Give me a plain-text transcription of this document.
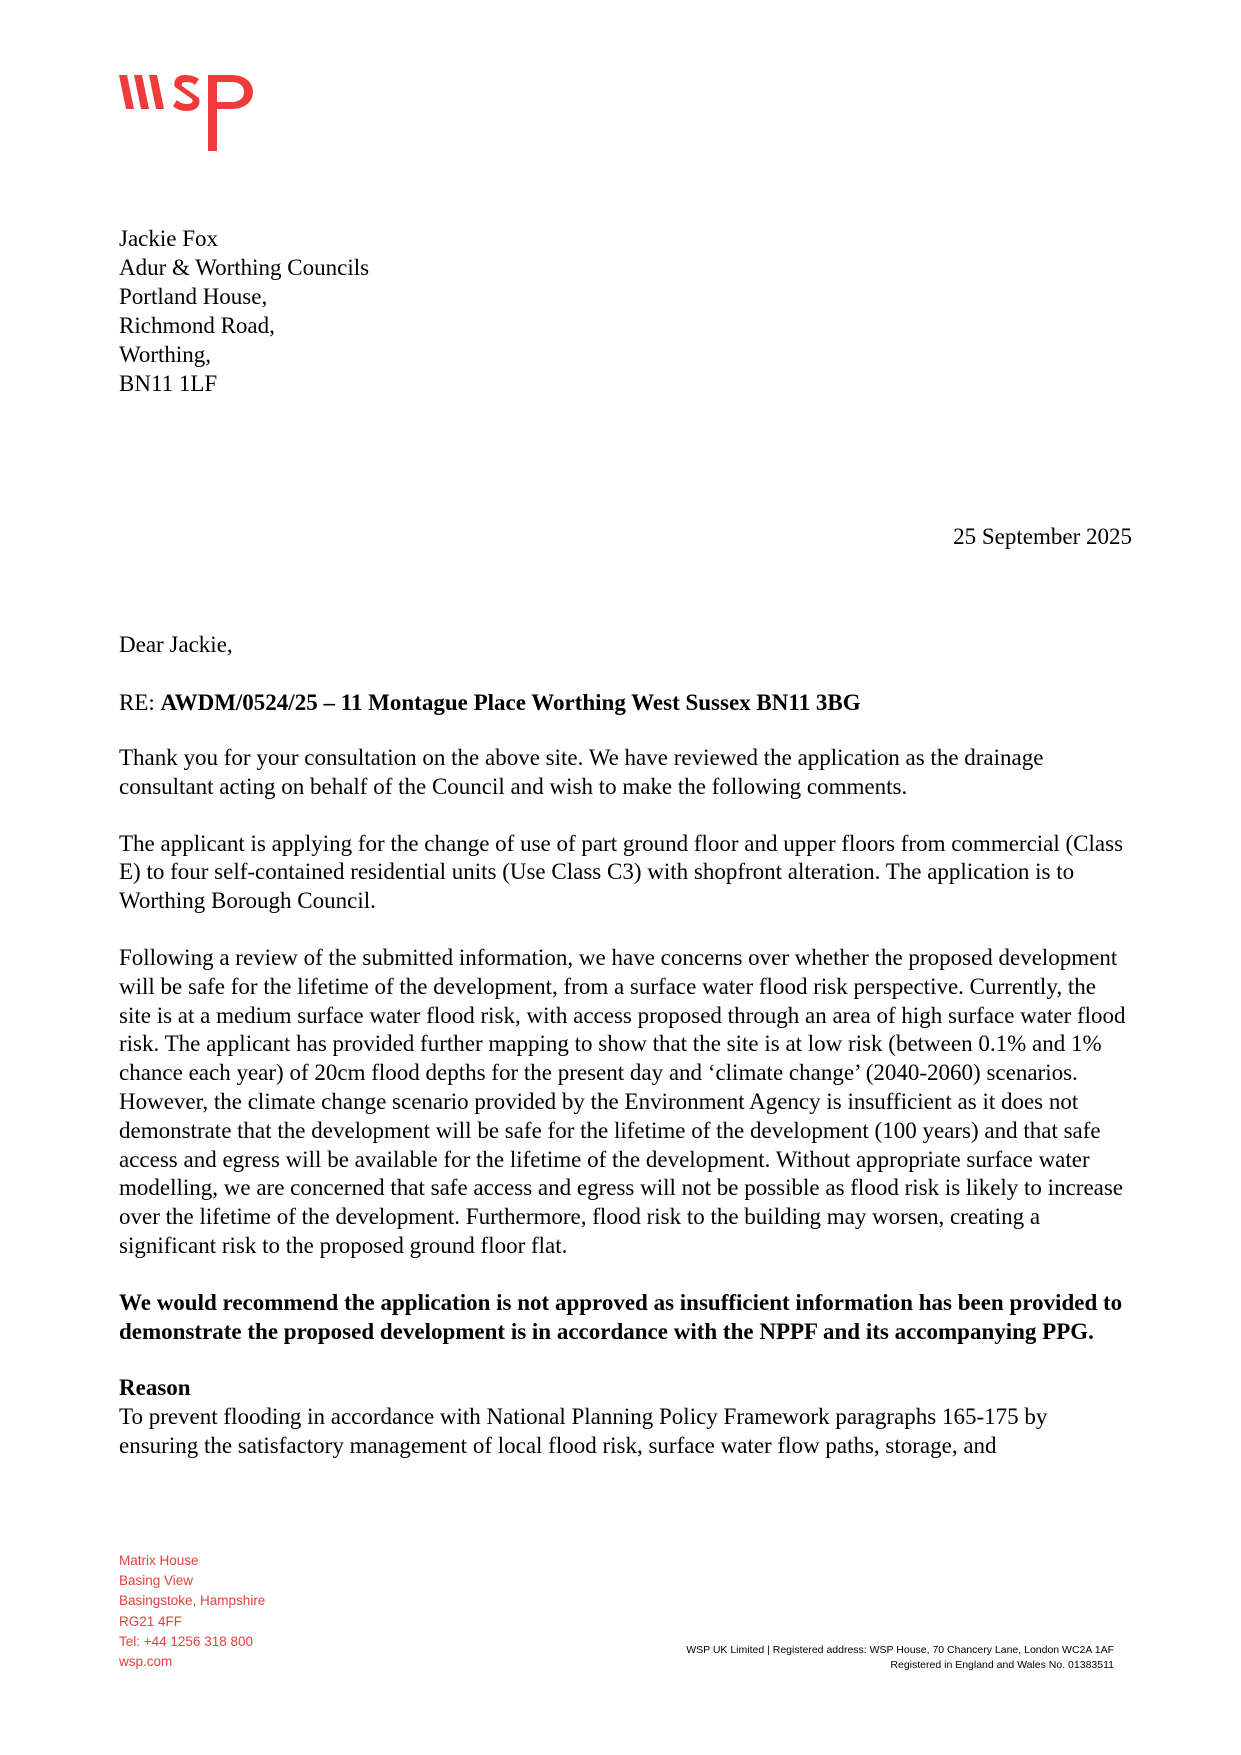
Jackie Fox
Adur & Worthing Councils
Portland House,
Richmond Road,
Worthing,
BN11 1LF
25 September 2025
Dear Jackie,
RE: AWDM/0524/25 – 11 Montague Place Worthing West Sussex BN11 3BG

Thank you for your consultation on the above site. We have reviewed the application as the drainage consultant acting on behalf of the Council and wish to make the following comments.

The applicant is applying for the change of use of part ground floor and upper floors from commercial (Class E) to four self-contained residential units (Use Class C3) with shopfront alteration. The application is to Worthing Borough Council.

Following a review of the submitted information, we have concerns over whether the proposed development will be safe for the lifetime of the development, from a surface water flood risk perspective. Currently, the site is at a medium surface water flood risk, with access proposed through an area of high surface water flood risk. The applicant has provided further mapping to show that the site is at low risk (between 0.1% and 1% chance each year) of 20cm flood depths for the present day and ‘climate change’ (2040-2060) scenarios. However, the climate change scenario provided by the Environment Agency is insufficient as it does not demonstrate that the development will be safe for the lifetime of the development (100 years) and that safe access and egress will be available for the lifetime of the development. Without appropriate surface water modelling, we are concerned that safe access and egress will not be possible as flood risk is likely to increase over the lifetime of the development. Furthermore, flood risk to the building may worsen, creating a significant risk to the proposed ground floor flat.

We would recommend the application is not approved as insufficient information has been provided to demonstrate the proposed development is in accordance with the NPPF and its accompanying PPG.

Reason
To prevent flooding in accordance with National Planning Policy Framework paragraphs 165-175 by ensuring the satisfactory management of local flood risk, surface water flow paths, storage, and
Matrix House
Basing View
Basingstoke, Hampshire
RG21 4FF
Tel: +44 1256 318 800
wsp.com
WSP UK Limited | Registered address: WSP House, 70 Chancery Lane, London WC2A 1AF
Registered in England and Wales No. 01383511
